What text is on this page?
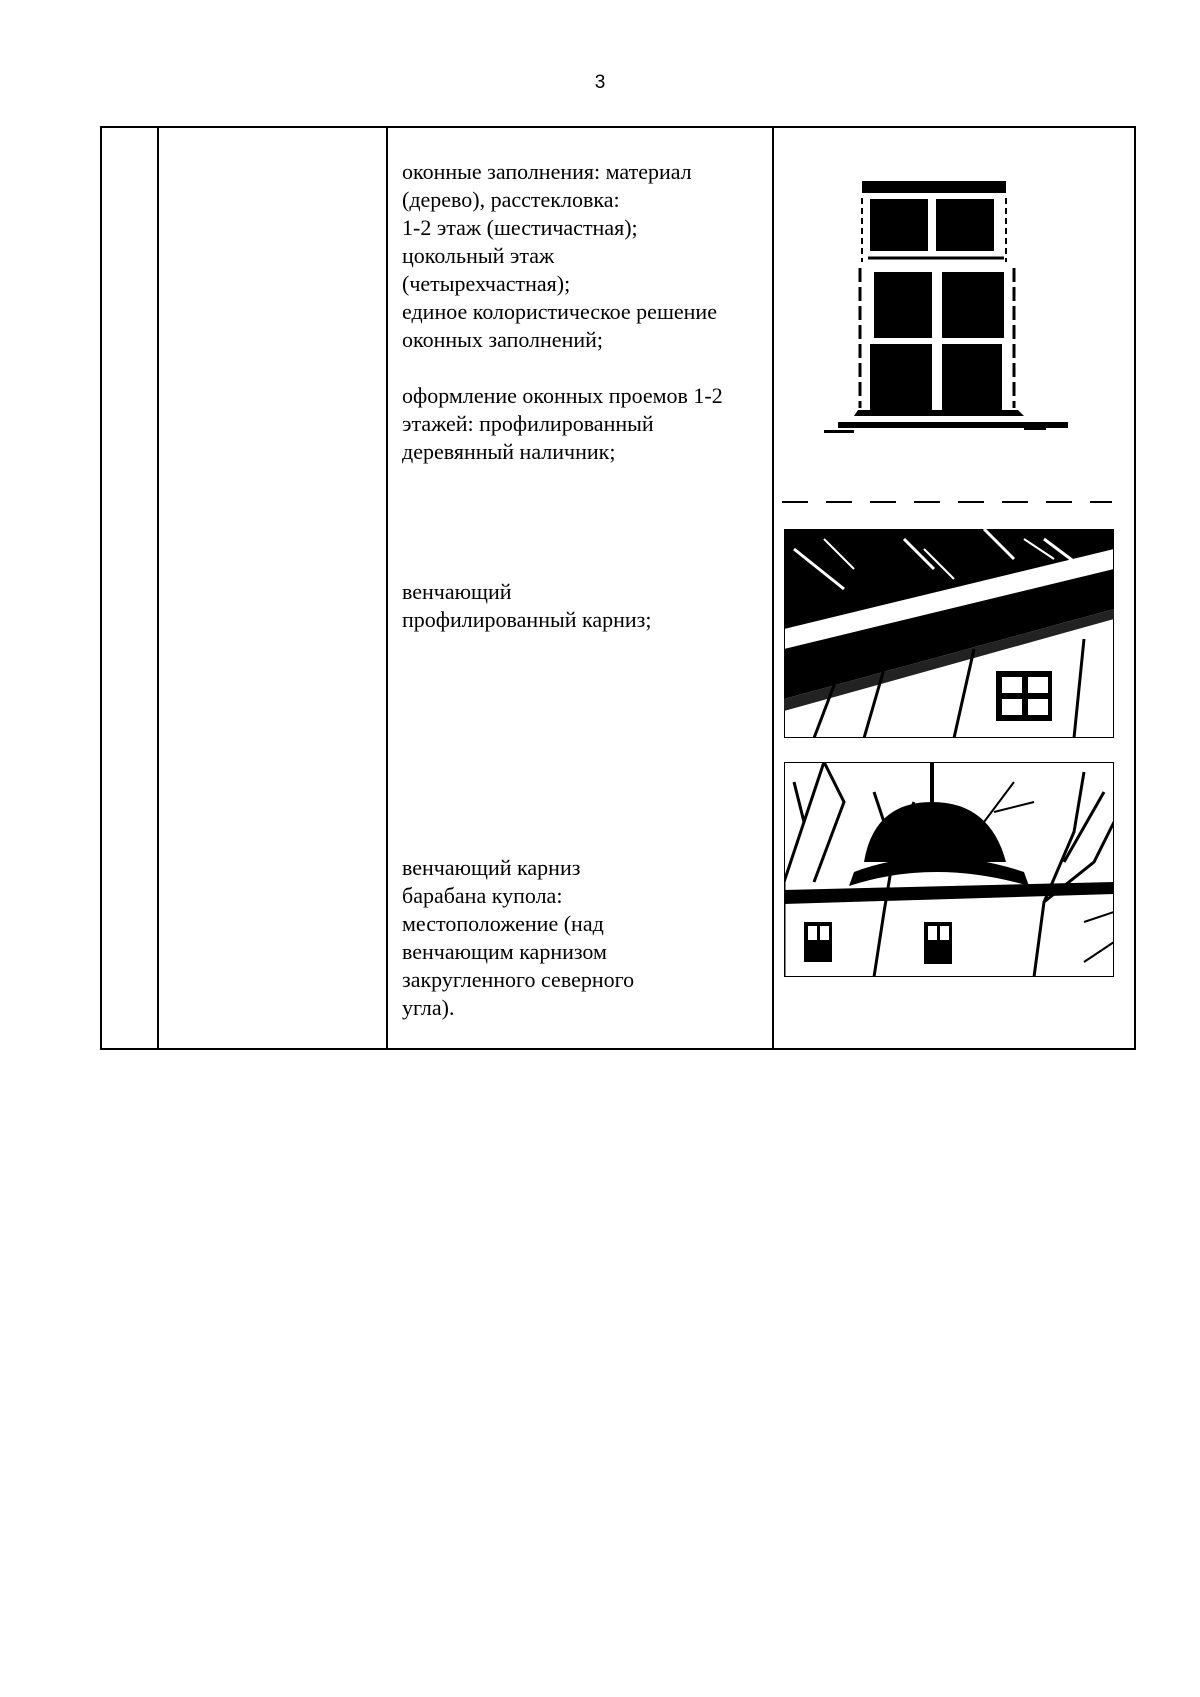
3

оконные заполнения: материал
(дерево), расстекловка:
1-2 этаж (шестичастная);
цокольный этаж
(четырехчастная);
единое колористическое решение
оконных заполнений;
оформление оконных проемов 1-2
этажей: профилированный
деревянный наличник;
венчающий
профилированный карниз;
венчающий карниз
барабана купола:
местоположение (над
венчающим карнизом
закругленного северного
угла).
